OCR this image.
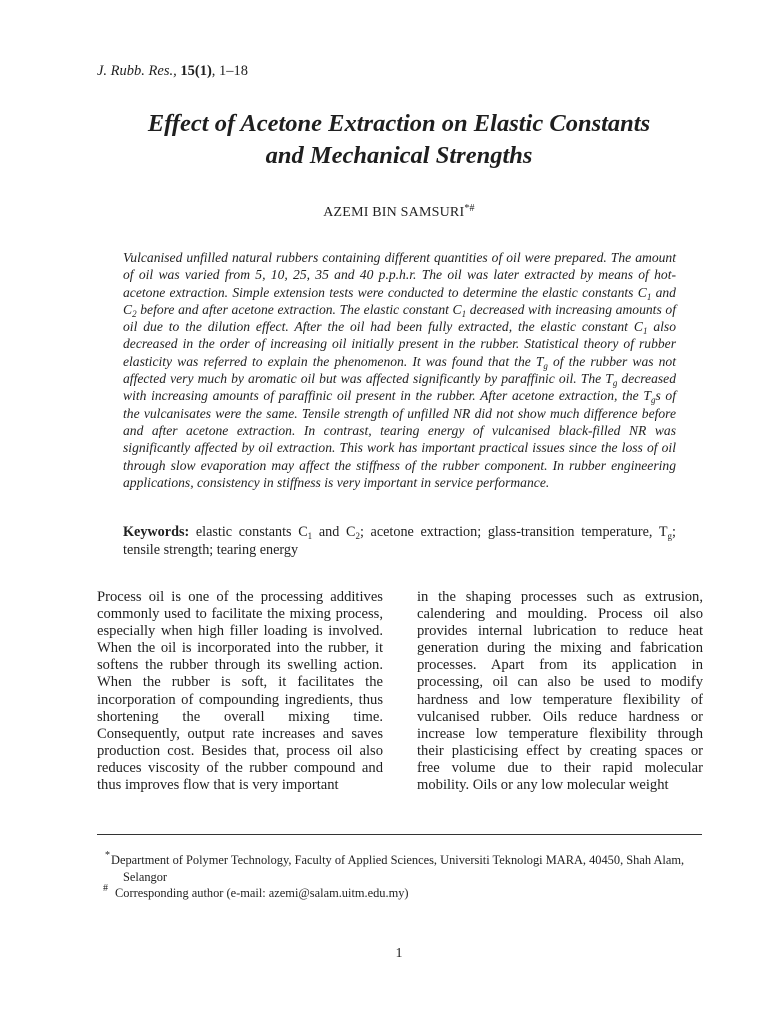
J. Rubb. Res., 15(1), 1–18
Effect of Acetone Extraction on Elastic Constants
and Mechanical Strengths
AZEMI BIN SAMSURI*#

Vulcanised unfilled natural rubbers containing different quantities of oil were prepared. The amount of oil was varied from 5, 10, 25, 35 and 40 p.p.h.r. The oil was later extracted by means of hot-acetone extraction. Simple extension tests were conducted to determine the elastic constants $C_1$ and $C_2$ before and after acetone extraction. The elastic constant $C_1$ decreased with increasing amounts of oil due to the dilution effect. After the oil had been fully extracted, the elastic constant $C_1$ also decreased in the order of increasing oil initially present in the rubber. Statistical theory of rubber elasticity was referred to explain the phenomenon. It was found that the $T_g$ of the rubber was not affected very much by aromatic oil but was affected significantly by paraffinic oil. The $T_g$ decreased with increasing amounts of paraffinic oil present in the rubber. After acetone extraction, the $T_gs$ of the vulcanisates were the same. Tensile strength of unfilled NR did not show much difference before and after acetone extraction. In contrast, tearing energy of vulcanised black-filled NR was significantly affected by oil extraction. This work has important practical issues since the loss of oil through slow evaporation may affect the stiffness of the rubber component. In rubber engineering applications, consistency in stiffness is very important in service performance.

Keywords: elastic constants $C_1$ and $C_2$; acetone extraction; glass-transition temperature, $T_g$; tensile strength; tearing energy

Process oil is one of the processing additives commonly used to facilitate the mixing process, especially when high filler loading is involved. When the oil is incorporated into the rubber, it softens the rubber through its swelling action. When the rubber is soft, it facilitates the incorporation of compounding ingredients, thus shortening the overall mixing time. Consequently, output rate increases and saves production cost. Besides that, process oil also reduces viscosity of the rubber compound and thus improves flow that is very important

in the shaping processes such as extrusion, calendering and moulding. Process oil also provides internal lubrication to reduce heat generation during the mixing and fabrication processes. Apart from its application in processing, oil can also be used to modify hardness and low temperature flexibility of vulcanised rubber. Oils reduce hardness or increase low temperature flexibility through their plasticising effect by creating spaces or free volume due to their rapid molecular mobility. Oils or any low molecular weight

* Department of Polymer Technology, Faculty of Applied Sciences, Universiti Teknologi MARA, 40450, Shah Alam,
Selangor

# Corresponding author (e-mail: azemi@salam.uitm.edu.my)

1
